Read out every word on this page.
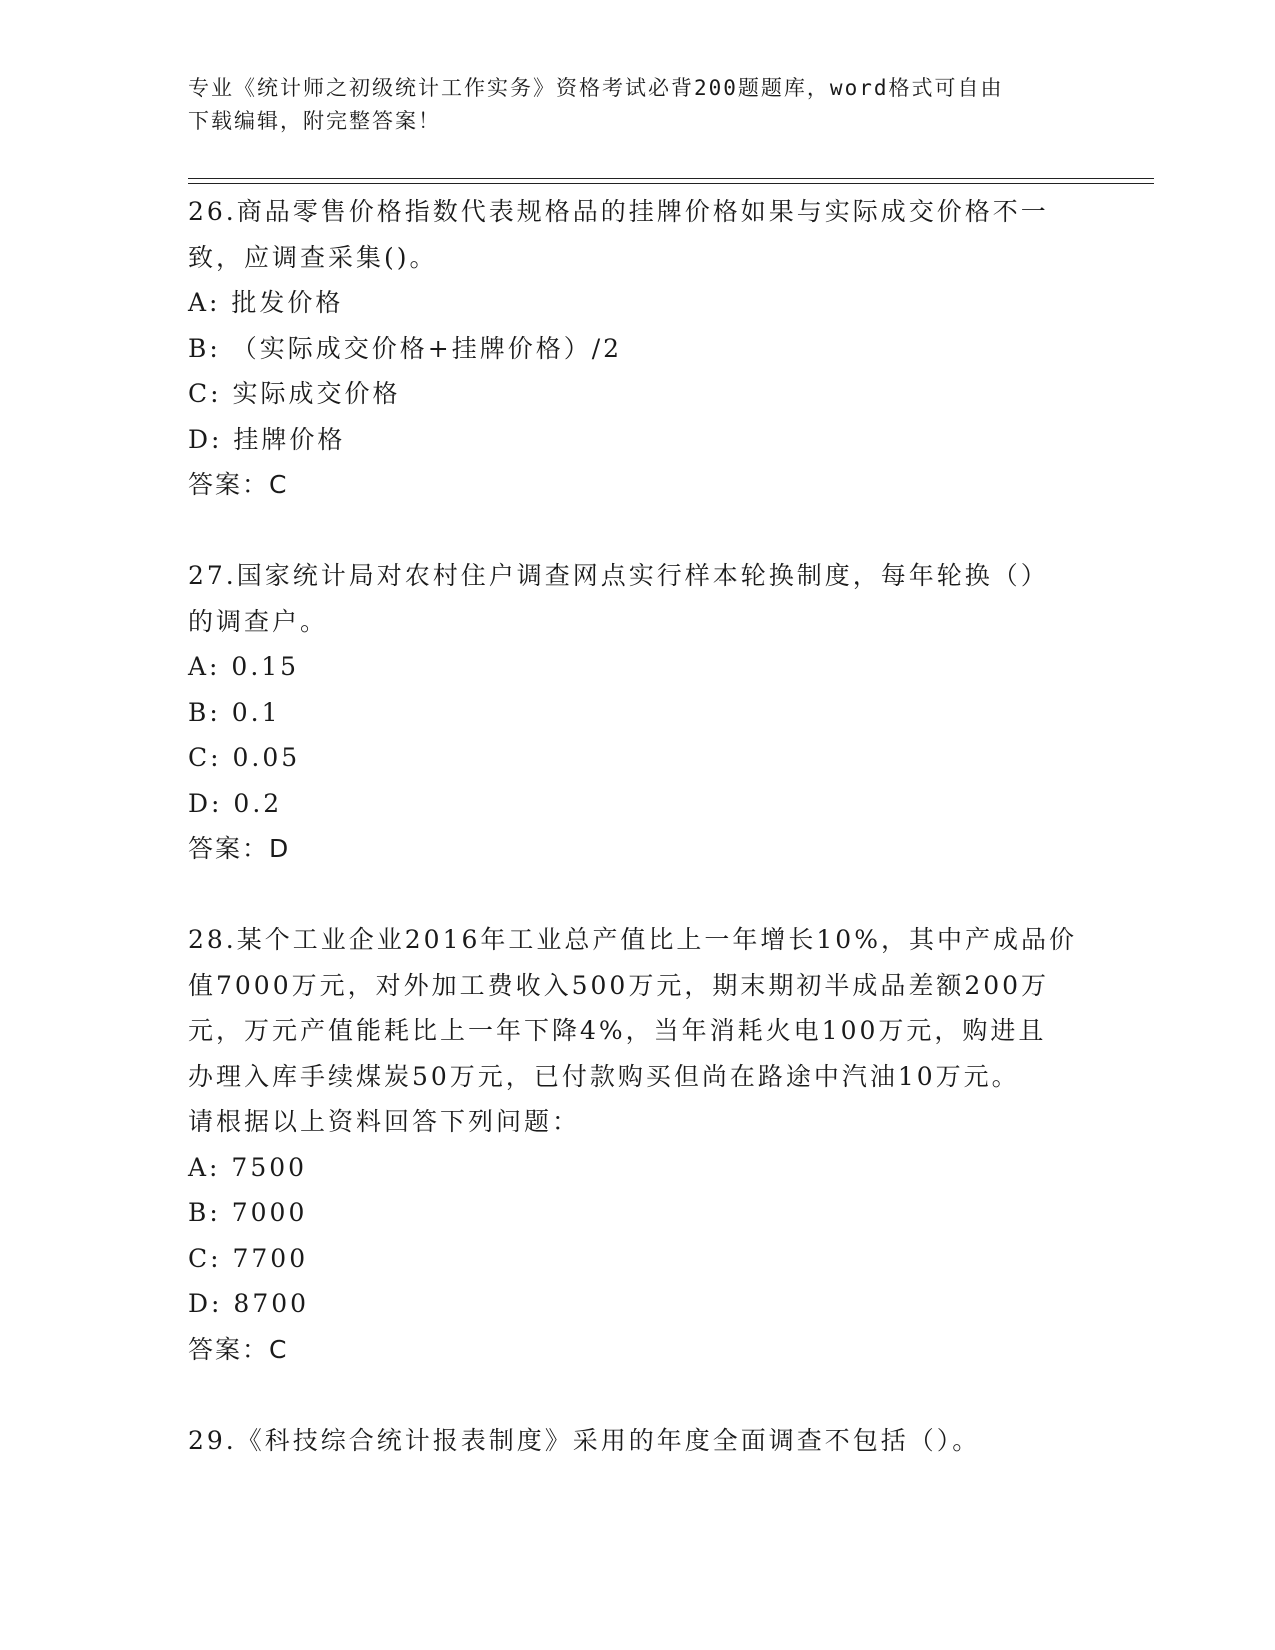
专业《统计师之初级统计工作实务》资格考试必背200题题库，word格式可自由
下载编辑，附完整答案！
26.商品零售价格指数代表规格品的挂牌价格如果与实际成交价格不一
致，应调查采集()。
A: 批发价格
B: （实际成交价格+挂牌价格）/2
C: 实际成交价格
D: 挂牌价格
答案：C
27.国家统计局对农村住户调查网点实行样本轮换制度，每年轮换（）
的调查户。
A: 0.15
B: 0.1
C: 0.05
D: 0.2
答案：D
28.某个工业企业2016年工业总产值比上一年增长10%，其中产成品价
值7000万元，对外加工费收入500万元，期末期初半成品差额200万
元，万元产值能耗比上一年下降4%，当年消耗火电100万元，购进且
办理入库手续煤炭50万元，已付款购买但尚在路途中汽油10万元。
请根据以上资料回答下列问题：
A: 7500
B: 7000
C: 7700
D: 8700
答案：C
29.《科技综合统计报表制度》采用的年度全面调查不包括（）。
